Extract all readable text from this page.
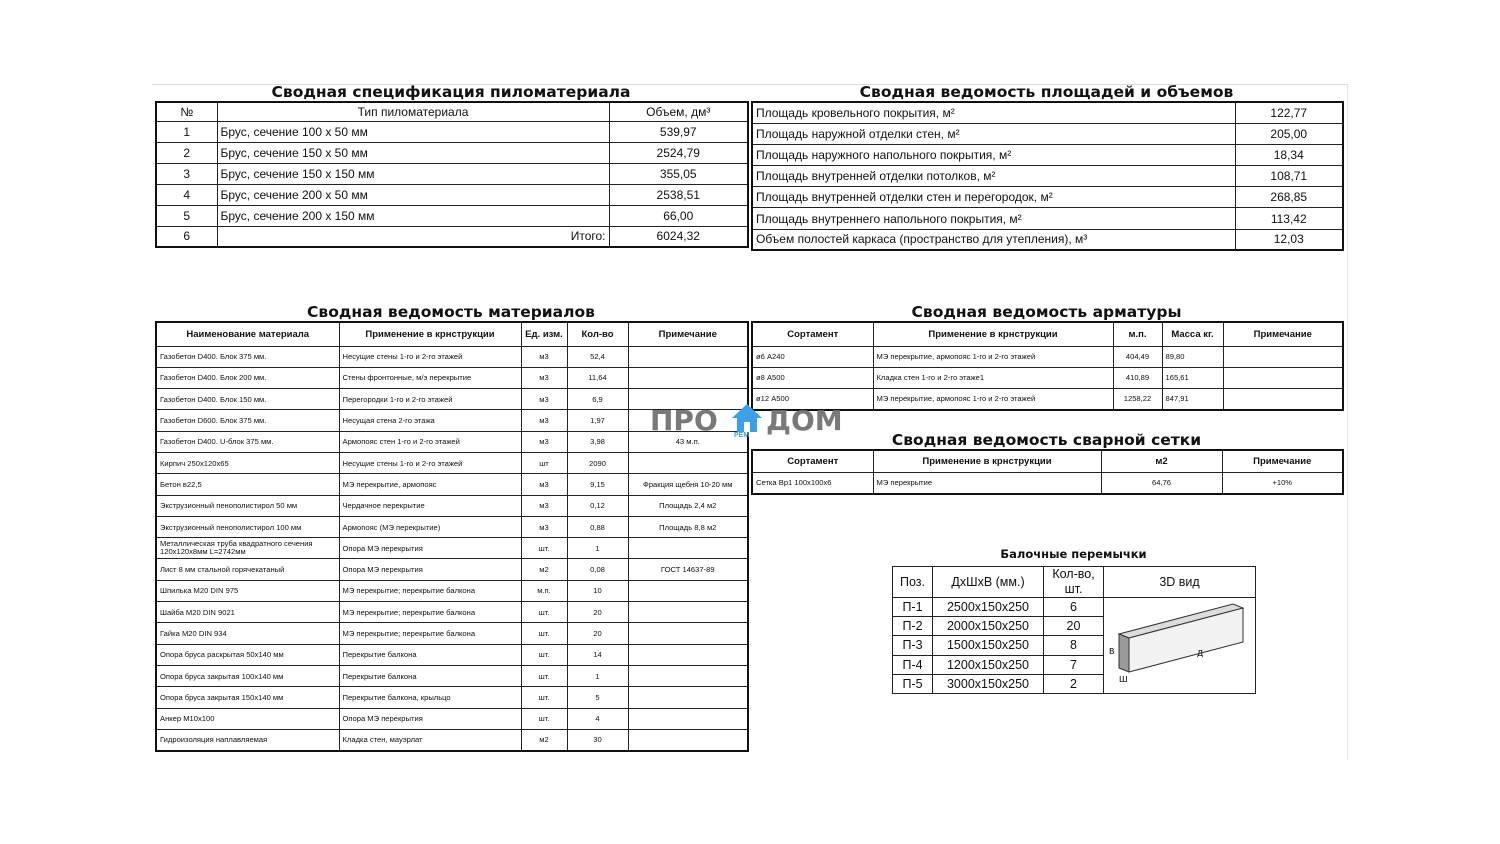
Сводная спецификация пиломатериала
№	Тип пиломатериала	Объем, дм³
1	Брус, сечение 100 х 50 мм	539,97
2	Брус, сечение 150 х 50 мм	2524,79
3	Брус, сечение 150 х 150 мм	355,05
4	Брус, сечение 200 х 50 мм	2538,51
5	Брус, сечение 200 х 150 мм	66,00
6	Итого:	6024,32
Сводная ведомость площадей и объемов
Площадь кровельного покрытия, м²	122,77
Площадь наружной отделки стен, м²	205,00
Площадь наружного напольного покрытия, м²	18,34
Площадь внутренней отделки потолков, м²	108,71
Площадь внутренней отделки стен и перегородок, м²	268,85
Площадь внутреннего напольного покрытия, м²	113,42
Объем полостей каркаса (пространство для утепления), м³	12,03
Сводная ведомость материалов
Наименование материала	Применение в крнструкции	Ед. изм.	Кол-во	Примечание
Газобетон D400. Блок 375 мм.	Несущие стены 1-го и 2-го этажей	м3	52,4	
Газобетон D400. Блок 200 мм.	Стены фронтонные, м/э перекрытие	м3	11,64	
Газобетон D400. Блок 150 мм.	Перегородки 1-го и 2-го этажей	м3	6,9	
Газобетон D600. Блок 375 мм.	Несущая стена 2-го этажа	м3	1,97	
Газобетон D400. U-блок 375 мм.	Армопояс стен 1-го и 2-го этажей	м3	3,98	43 м.п.
Кирпич 250х120х65	Несущие стены 1-го и 2-го этажей	шт	2090	
Бетон в22,5	МЭ перекрытие, армопояс	м3	9,15	Фракция щебня 10-20 мм
Экструзионный пенополистирол 50 мм	Чердачное перекрытие	м3	0,12	Площадь 2,4 м2
Экструзионный пенополистирол 100 мм	Армопояс (МЭ перекрытие)	м3	0,88	Площадь 8,8 м2
Металлическая труба квадратного сечения 120х120х8мм L=2742мм	Опора МЭ перекрытия	шт.	1	
Лист 8 мм стальной горячекатаный	Опора МЭ перекрытия	м2	0,08	ГОСТ 14637-89
Шпилька М20 DIN 975	МЭ перекрытие; перекрытие балкона	м.п.	10	
Шайба М20 DIN 9021	МЭ перекрытие; перекрытие балкона	шт.	20	
Гайка М20 DIN 934	МЭ перекрытие; перекрытие балкона	шт.	20	
Опора бруса раскрытая 50х140 мм	Перекрытие балкона	шт.	14	
Опора бруса закрытая 100х140 мм	Перекрытие балкона	шт.	1	
Опора бруса закрытая 150х140 мм	Перекрытие балкона, крыльцо	шт.	5	
Анкер М10х100	Опора МЭ перекрытия	шт.	4	
Гидроизоляция наплавляемая	Кладка стен, мауэрлат	м2	30	
Сводная ведомость арматуры
Сортамент	Применение в крнструкции	м.п.	Масса кг.	Примечание
ø6 А240	МЭ перекрытие, армопояс 1-го и 2-го этажей	404,49	89,80	
ø8 А500	Кладка стен 1-го и 2-го этаже1	410,89	165,61	
ø12 А500	МЭ перекрытие, армопояс 1-го и 2-го этажей	1258,22	847,91	
Сводная ведомость сварной сетки
Сортамент	Применение в крнструкции	м2	Примечание
Сетка Вр1 100х100х6	МЭ перекрытие	64,76	+10%
Балочные перемычки
Поз.	ДхШхВ (мм.)	Кол-во, шт.	3D вид
П-1	2500х150х250	6	В
Ш
Д

П-2	2000х150х250	20	
П-3	1500х150х250	8	
П-4	1200х150х250	7	
П-5	3000х150х250	2	
ПРО РЕМ ДОМ
